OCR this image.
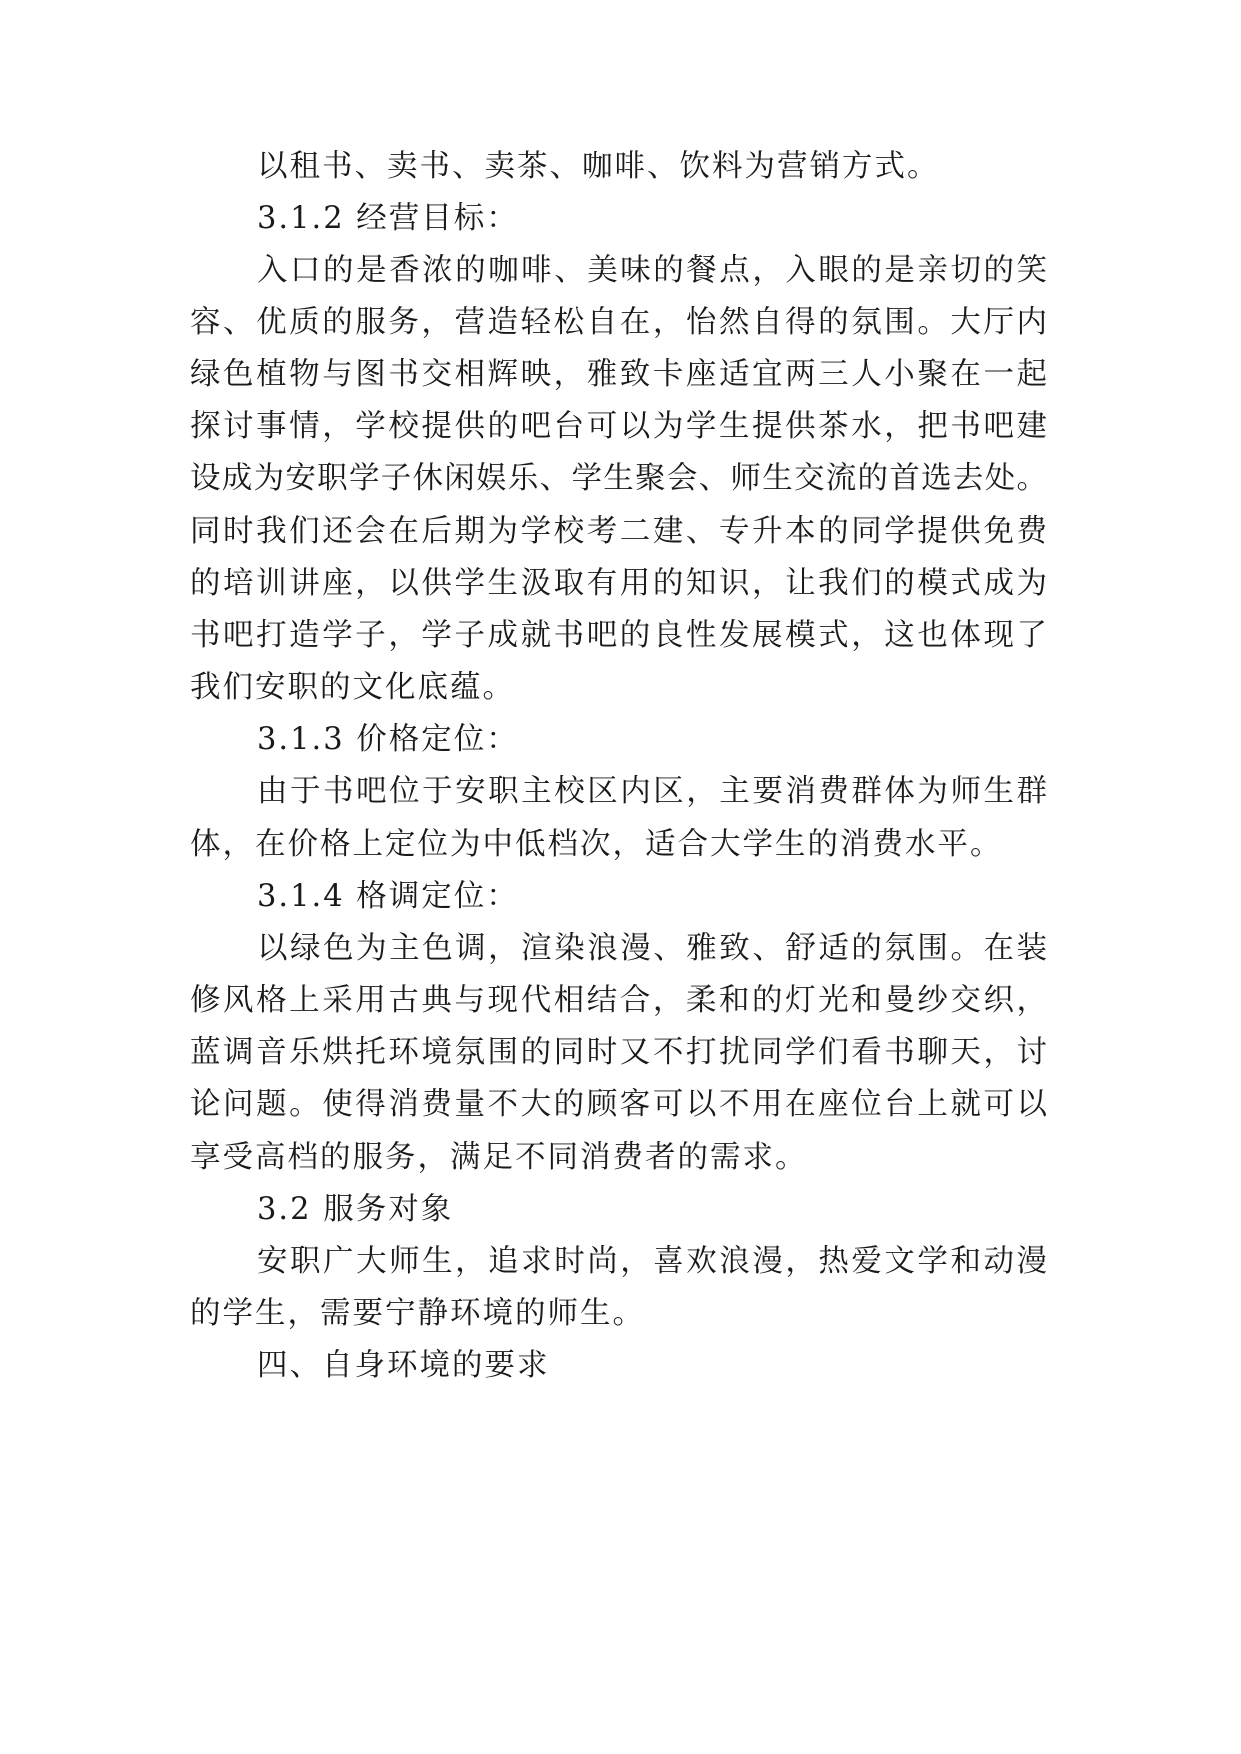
以租书、卖书、卖茶、咖啡、饮料为营销方式。
3.1.2 经营目标：
入口的是香浓的咖啡、美味的餐点，入眼的是亲切的笑
容、优质的服务，营造轻松自在，怡然自得的氛围。大厅内
绿色植物与图书交相辉映，雅致卡座适宜两三人小聚在一起
探讨事情，学校提供的吧台可以为学生提供茶水，把书吧建
设成为安职学子休闲娱乐、学生聚会、师生交流的首选去处。
同时我们还会在后期为学校考二建、专升本的同学提供免费
的培训讲座，以供学生汲取有用的知识，让我们的模式成为
书吧打造学子，学子成就书吧的良性发展模式，这也体现了
我们安职的文化底蕴。
3.1.3 价格定位：
由于书吧位于安职主校区内区，主要消费群体为师生群
体，在价格上定位为中低档次，适合大学生的消费水平。
3.1.4 格调定位：
以绿色为主色调，渲染浪漫、雅致、舒适的氛围。在装
修风格上采用古典与现代相结合，柔和的灯光和曼纱交织，
蓝调音乐烘托环境氛围的同时又不打扰同学们看书聊天，讨
论问题。使得消费量不大的顾客可以不用在座位台上就可以
享受高档的服务，满足不同消费者的需求。
3.2 服务对象
安职广大师生，追求时尚，喜欢浪漫，热爱文学和动漫
的学生，需要宁静环境的师生。
四、自身环境的要求
